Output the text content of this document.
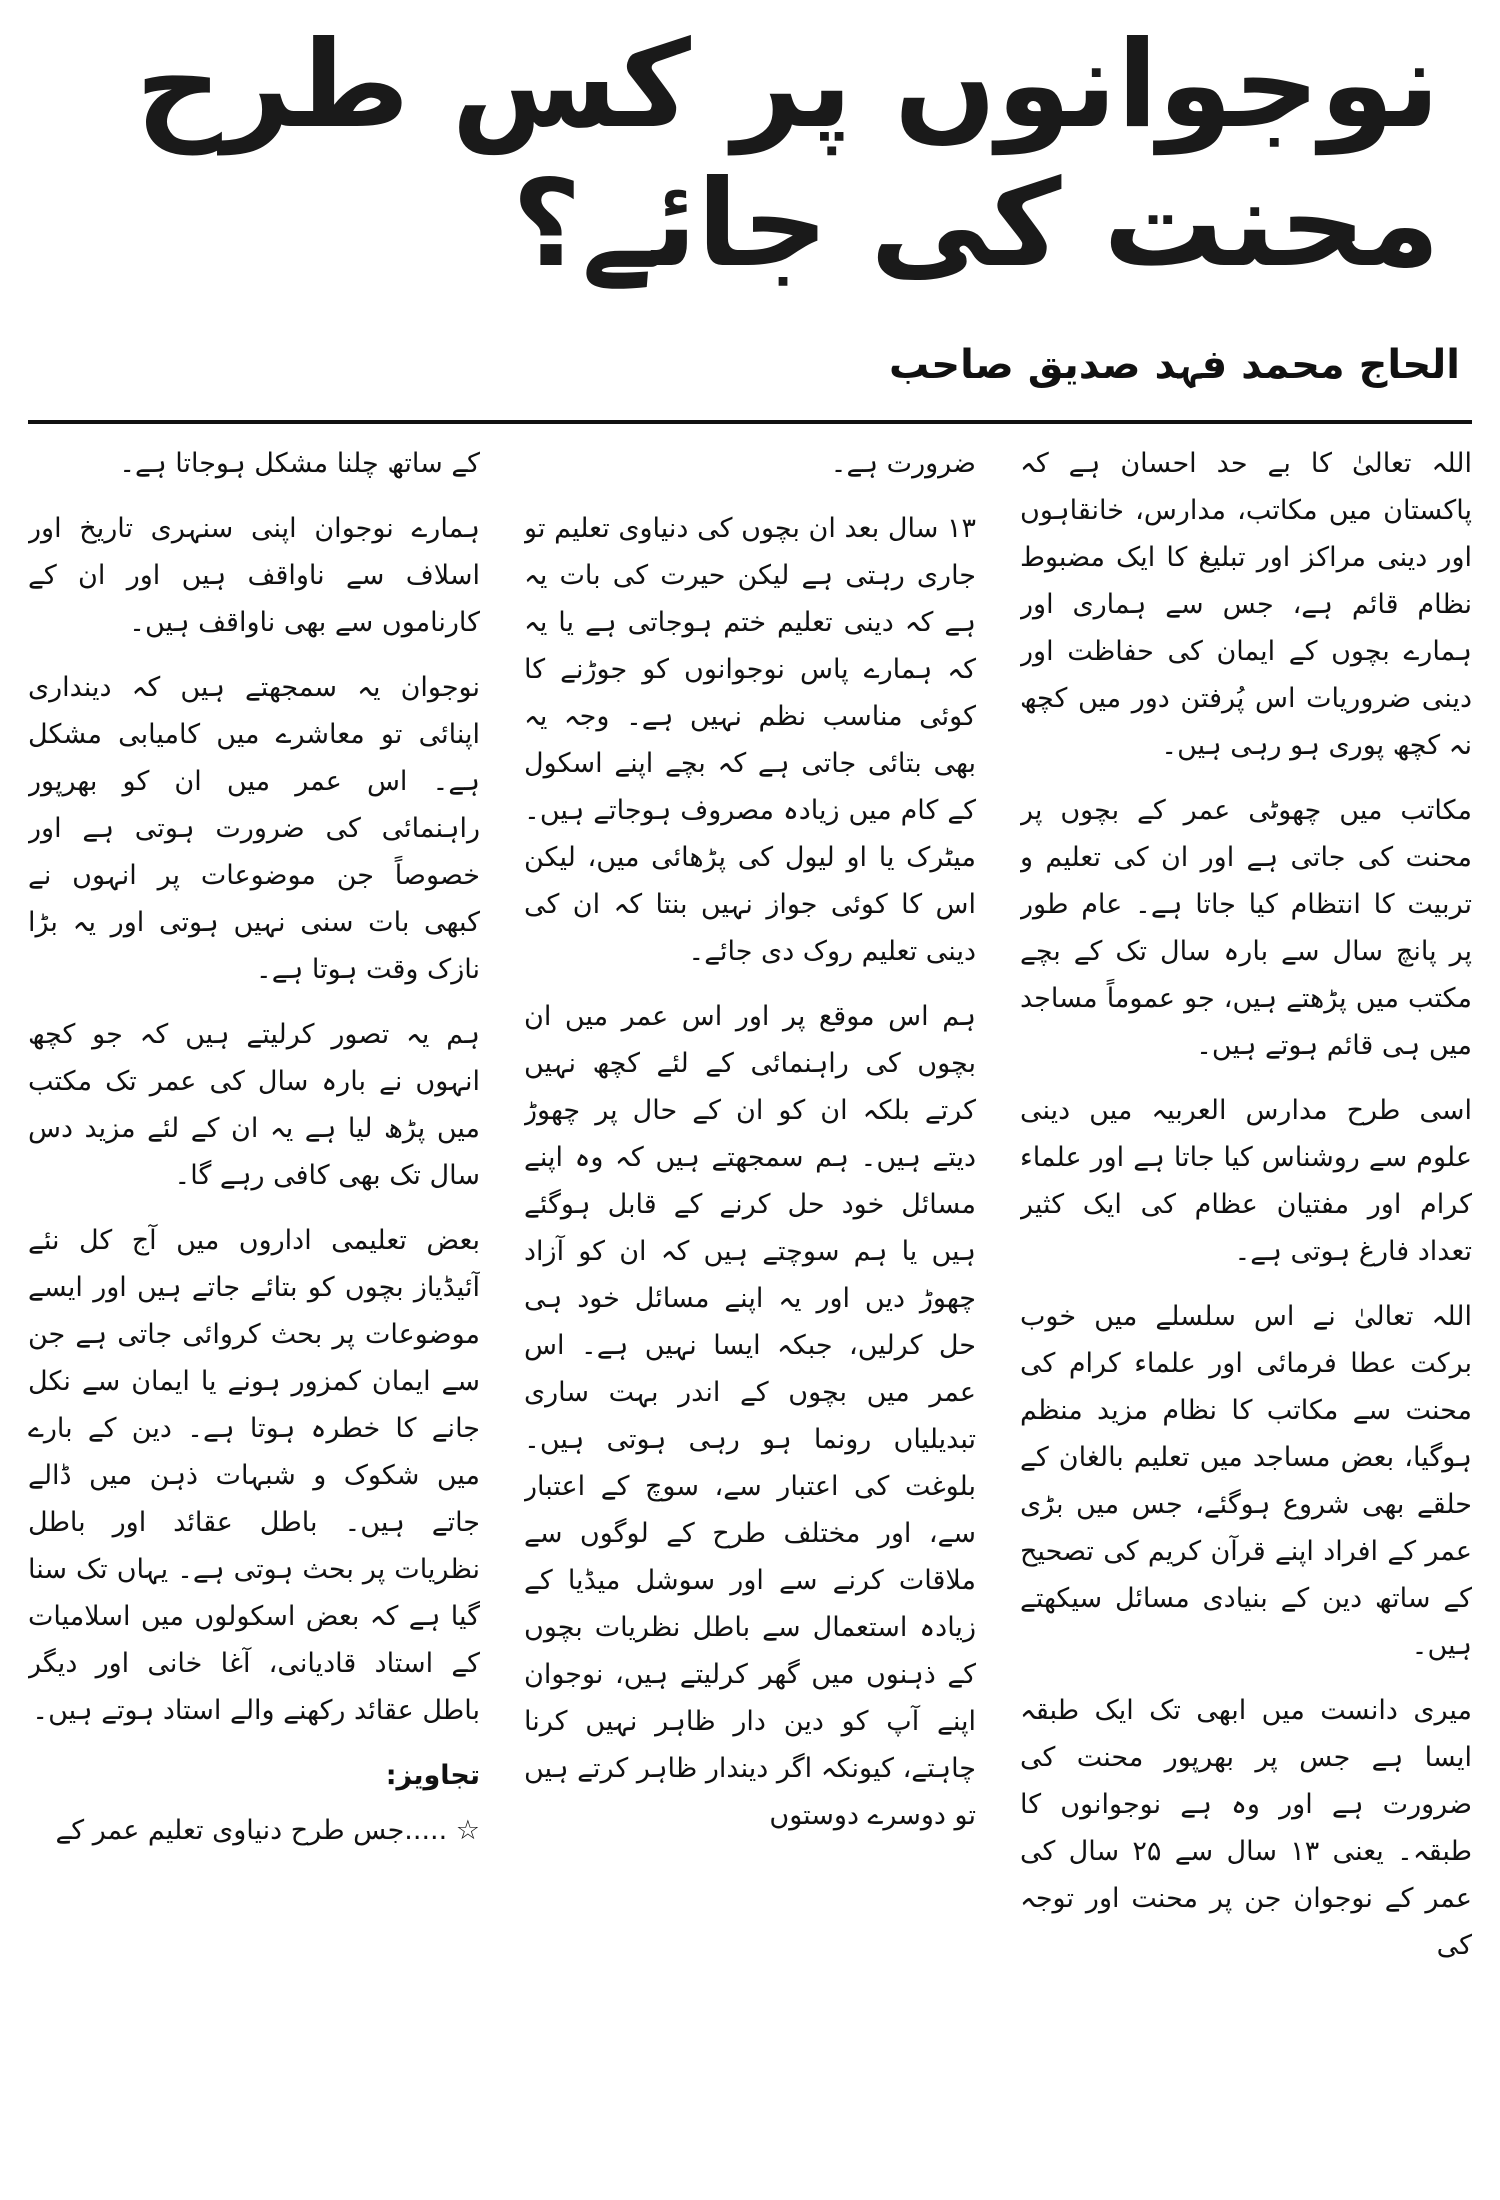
نوجوانوں پر کس طرح محنت کی جائے؟

الحاج محمد فہد صدیق صاحب

اللہ تعالیٰ کا بے حد احسان ہے کہ پاکستان میں مکاتب، مدارس، خانقاہوں اور دینی مراکز اور تبلیغ کا ایک مضبوط نظام قائم ہے، جس سے ہماری اور ہمارے بچوں کے ایمان کی حفاظت اور دینی ضروریات اس پُرفتن دور میں کچھ نہ کچھ پوری ہو رہی ہیں۔

مکاتب میں چھوٹی عمر کے بچوں پر محنت کی جاتی ہے اور ان کی تعلیم و تربیت کا انتظام کیا جاتا ہے۔ عام طور پر پانچ سال سے بارہ سال تک کے بچے مکتب میں پڑھتے ہیں، جو عموماً مساجد میں ہی قائم ہوتے ہیں۔

اسی طرح مدارس العربیہ میں دینی علوم سے روشناس کیا جاتا ہے اور علماء کرام اور مفتیان عظام کی ایک کثیر تعداد فارغ ہوتی ہے۔

اللہ تعالیٰ نے اس سلسلے میں خوب برکت عطا فرمائی اور علماء کرام کی محنت سے مکاتب کا نظام مزید منظم ہوگیا، بعض مساجد میں تعلیم بالغان کے حلقے بھی شروع ہوگئے، جس میں بڑی عمر کے افراد اپنے قرآن کریم کی تصحیح کے ساتھ دین کے بنیادی مسائل سیکھتے ہیں۔

میری دانست میں ابھی تک ایک طبقہ ایسا ہے جس پر بھرپور محنت کی ضرورت ہے اور وہ ہے نوجوانوں کا طبقہ۔ یعنی ۱۳ سال سے ۲۵ سال کی عمر کے نوجوان جن پر محنت اور توجہ کی

ضرورت ہے۔

۱۳ سال بعد ان بچوں کی دنیاوی تعلیم تو جاری رہتی ہے لیکن حیرت کی بات یہ ہے کہ دینی تعلیم ختم ہوجاتی ہے یا یہ کہ ہمارے پاس نوجوانوں کو جوڑنے کا کوئی مناسب نظم نہیں ہے۔ وجہ یہ بھی بتائی جاتی ہے کہ بچے اپنے اسکول کے کام میں زیادہ مصروف ہوجاتے ہیں۔ میٹرک یا او لیول کی پڑھائی میں، لیکن اس کا کوئی جواز نہیں بنتا کہ ان کی دینی تعلیم روک دی جائے۔

ہم اس موقع پر اور اس عمر میں ان بچوں کی راہنمائی کے لئے کچھ نہیں کرتے بلکہ ان کو ان کے حال پر چھوڑ دیتے ہیں۔ ہم سمجھتے ہیں کہ وہ اپنے مسائل خود حل کرنے کے قابل ہوگئے ہیں یا ہم سوچتے ہیں کہ ان کو آزاد چھوڑ دیں اور یہ اپنے مسائل خود ہی حل کرلیں، جبکہ ایسا نہیں ہے۔ اس عمر میں بچوں کے اندر بہت ساری تبدیلیاں رونما ہو رہی ہوتی ہیں۔ بلوغت کی اعتبار سے، سوچ کے اعتبار سے، اور مختلف طرح کے لوگوں سے ملاقات کرنے سے اور سوشل میڈیا کے زیادہ استعمال سے باطل نظریات بچوں کے ذہنوں میں گھر کرلیتے ہیں، نوجوان اپنے آپ کو دین دار ظاہر نہیں کرنا چاہتے، کیونکہ اگر دیندار ظاہر کرتے ہیں تو دوسرے دوستوں

کے ساتھ چلنا مشکل ہوجاتا ہے۔

ہمارے نوجوان اپنی سنہری تاریخ اور اسلاف سے ناواقف ہیں اور ان کے کارناموں سے بھی ناواقف ہیں۔

نوجوان یہ سمجھتے ہیں کہ دینداری اپنائی تو معاشرے میں کامیابی مشکل ہے۔ اس عمر میں ان کو بھرپور راہنمائی کی ضرورت ہوتی ہے اور خصوصاً جن موضوعات پر انہوں نے کبھی بات سنی نہیں ہوتی اور یہ بڑا نازک وقت ہوتا ہے۔

ہم یہ تصور کرلیتے ہیں کہ جو کچھ انہوں نے بارہ سال کی عمر تک مکتب میں پڑھ لیا ہے یہ ان کے لئے مزید دس سال تک بھی کافی رہے گا۔

بعض تعلیمی اداروں میں آج کل نئے آئیڈیاز بچوں کو بتائے جاتے ہیں اور ایسے موضوعات پر بحث کروائی جاتی ہے جن سے ایمان کمزور ہونے یا ایمان سے نکل جانے کا خطرہ ہوتا ہے۔ دین کے بارے میں شکوک و شبہات ذہن میں ڈالے جاتے ہیں۔ باطل عقائد اور باطل نظریات پر بحث ہوتی ہے۔ یہاں تک سنا گیا ہے کہ بعض اسکولوں میں اسلامیات کے استاد قادیانی، آغا خانی اور دیگر باطل عقائد رکھنے والے استاد ہوتے ہیں۔

تجاویز:

☆ .....جس طرح دنیاوی تعلیم عمر کے
